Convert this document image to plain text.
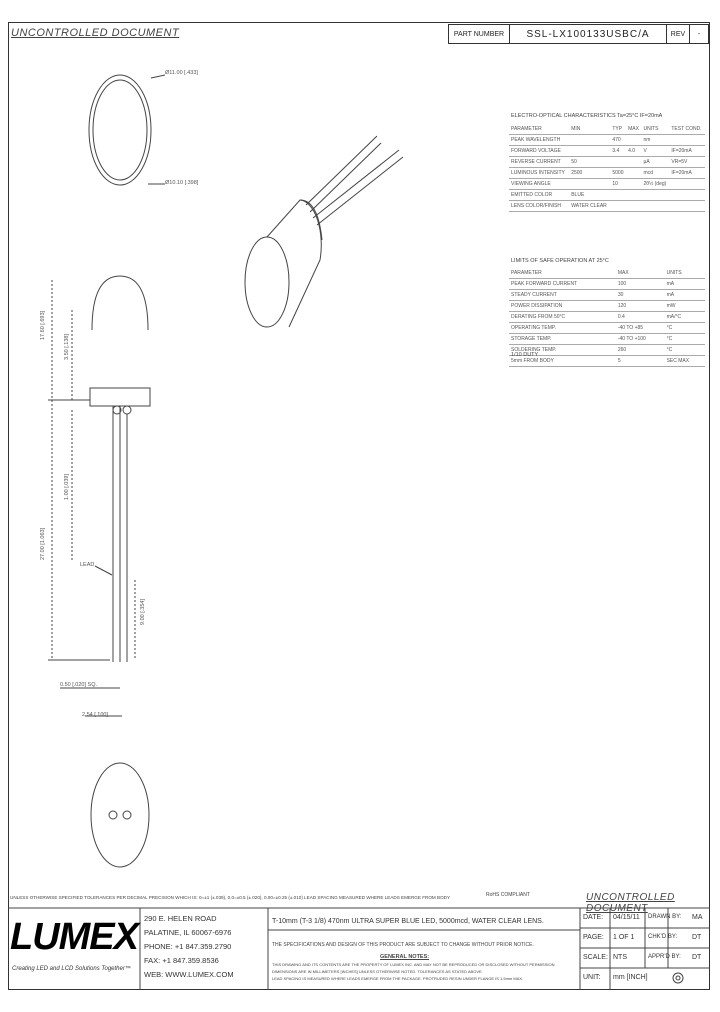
UNCONTROLLED DOCUMENT	PART NUMBER	SSL-LX100133USBC/A	REV	-
Ø11.00 [.433]
Ø10.10 [.398]
17.60 [.693]
3.50 [.138]
27.00 [1.063]
1.00 [.039]
LEAD
0.50 [.020] SQ.
2.54 [.100]
9.00 [.354]
ELECTRO-OPTICAL CHARACTERISTICS Ta=25°C IF=20mA
PARAMETER	MIN	TYP	MAX	UNITS	TEST COND.
PEAK WAVELENGTH		470		nm	
FORWARD VOLTAGE		3.4	4.0	V	IF=20mA
REVERSE CURRENT	50			µA	VR=5V
LUMINOUS INTENSITY	2500	5000		mcd	IF=20mA
VIEWING ANGLE		10		2θ½ (deg)	
EMITTED COLOR	BLUE				
LENS COLOR/FINISH	WATER CLEAR				
LIMITS OF SAFE OPERATION AT 25°C
PARAMETER	MAX	UNITS
PEAK FORWARD CURRENT	100	mA
STEADY CURRENT	30	mA
POWER DISSIPATION	120	mW
DERATING FROM 50°C	0.4	mA/°C
OPERATING TEMP.	-40 TO +85	°C
STORAGE TEMP.	-40 TO +100	°C
SOLDERING TEMP.	260	°C
5mm FROM BODY	5	SEC MAX
1/10 DUTY
UNLESS OTHERWISE SPECIFIED TOLERANCES PER DECIMAL PRECISION WHICH IS: 0=±1 (±.039), 0.0=±0.5 (±.020), 0.00=±0.25 (±.010) LEAD SPACING MEASURED WHERE LEADS EMERGE FROM BODY	RoHS COMPLIANT	UNCONTROLLED DOCUMENT
LUMEX
Creating LED and LCD Solutions Together™
290 E. HELEN ROAD
PALATINE, IL 60067-6976
PHONE: +1 847.359.2790
FAX: +1 847.359.8536
WEB: WWW.LUMEX.COM
T-10mm (T-3 1/8) 470nm ULTRA SUPER BLUE LED, 5000mcd, WATER CLEAR LENS.
THE SPECIFICATIONS AND DESIGN OF THIS PRODUCT ARE SUBJECT TO CHANGE WITHOUT PRIOR NOTICE.
GENERAL NOTES:
THIS DRAWING AND ITS CONTENTS ARE THE PROPERTY OF LUMEX INC. AND MAY NOT BE REPRODUCED OR DISCLOSED WITHOUT PERMISSION
DIMENSIONS ARE IN MILLIMETERS [INCHES] UNLESS OTHERWISE NOTED. TOLERANCES AS STATED ABOVE.
LEAD SPACING IS MEASURED WHERE LEADS EMERGE FROM THE PACKAGE. PROTRUDED RESIN UNDER FLANGE IS 1.5mm MAX.
DATE: 04/15/11 DRAWN BY: MA
PAGE: 1 OF 1 CHK'D BY: DT
SCALE: NTS	APPR'D BY: DT
UNIT: mm [INCH]
